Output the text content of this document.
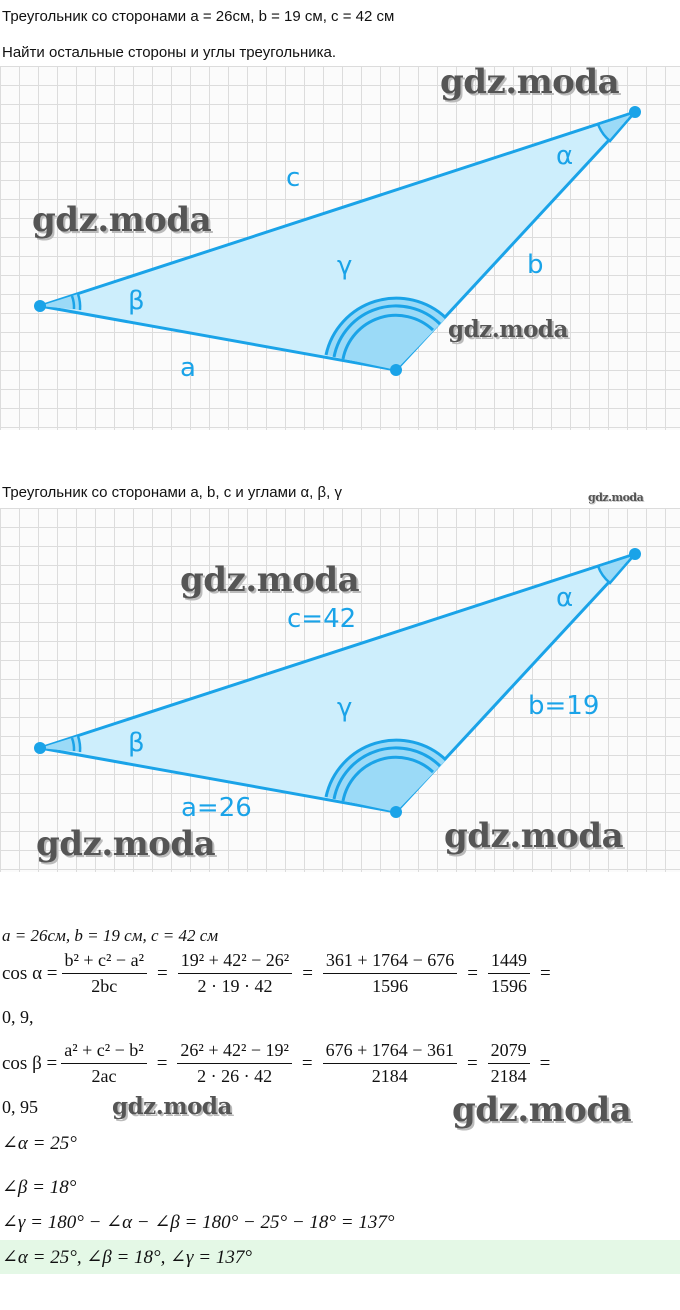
Треугольник со сторонами a = 26см, b = 19 см, c = 42 см
Найти остальные стороны и углы треугольника.
c
b
a
α
β
γ
gdz.moda
gdz.moda
gdz.moda
Треугольник со сторонами a, b, c и углами α, β, γ	gdz.moda
c=42
b=19
a=26
α
β
γ
gdz.moda
gdz.moda	gdz.moda
a = 26см, b = 19 см, c = 42 см
$\cos \alpha = \frac{\text{b² + c² − a²}}{2bc} = \frac{\text{19² + 42² − 26²}}{2 \cdot 19 \cdot 42} = \frac{361 + 1764 - 676}{1596} = \frac{1449}{1596}$ =
0, 9,
$\cos \beta = \frac{\text{a² + c² − b²}}{2ac} = \frac{\text{26² + 42² − 19²}}{2 \cdot 26 \cdot 42} = \frac{676 + 1764 - 361}{2184} = \frac{2079}{2184}$ =
0, 95	gdz.moda	gdz.moda
∠α = 25°
∠β = 18°
∠γ = 180° − ∠α − ∠β = 180° − 25° − 18° = 137°
∠α = 25°, ∠β = 18°, ∠γ = 137°
